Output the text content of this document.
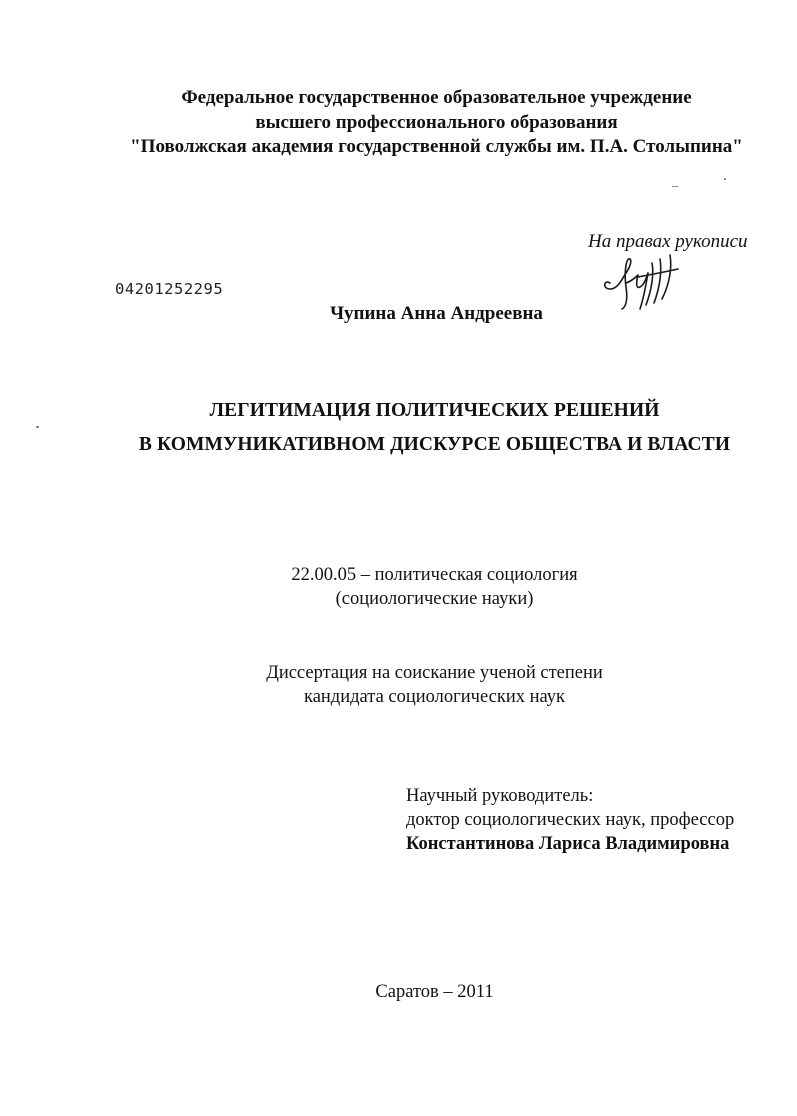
Федеральное государственное образовательное учреждение
высшего профессионального образования
"Поволжская академия государственной службы им. П.А. Столыпина"
На правах рукописи
04201252295
Чупина Анна Андреевна
ЛЕГИТИМАЦИЯ ПОЛИТИЧЕСКИХ РЕШЕНИЙ
В КОММУНИКАТИВНОМ ДИСКУРСЕ ОБЩЕСТВА И ВЛАСТИ
22.00.05 – политическая социология
(социологические науки)
Диссертация на соискание ученой степени
кандидата социологических наук
Научный руководитель:
доктор социологических наук, профессор
Константинова Лариса Владимировна
Саратов – 2011
